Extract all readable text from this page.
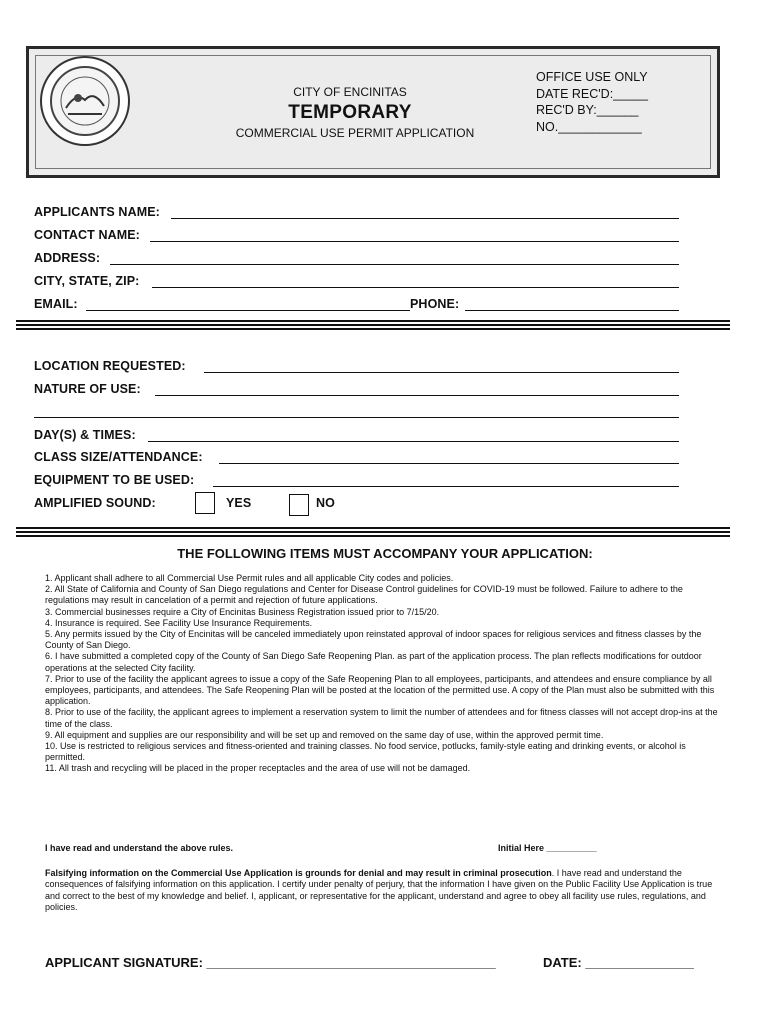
CITY OF ENCINITAS
TEMPORARY
COMMERCIAL USE PERMIT APPLICATION
OFFICE USE ONLY
DATE REC'D:_____
REC'D BY:______
NO.____________
APPLICANTS NAME:
CONTACT NAME:
ADDRESS:
CITY, STATE, ZIP:
EMAIL:	PHONE:
LOCATION REQUESTED:
NATURE OF USE:
DAY(S) & TIMES:
CLASS SIZE/ATTENDANCE:
EQUIPMENT TO BE USED:
AMPLIFIED SOUND:	YES	NO
THE FOLLOWING ITEMS MUST ACCOMPANY YOUR APPLICATION:

1. Applicant shall adhere to all Commercial Use Permit rules and all applicable City codes and policies.

2. All State of California and County of San Diego regulations and Center for Disease Control guidelines for COVID-19 must be followed. Failure to adhere to the regulations may result in cancelation of a permit and rejection of future applications.

3. Commercial businesses require a City of Encinitas Business Registration issued prior to 7/15/20.

4. Insurance is required. See Facility Use Insurance Requirements.

5. Any permits issued by the City of Encinitas will be canceled immediately upon reinstated approval of indoor spaces for religious services and fitness classes by the County of San Diego.

6. I have submitted a completed copy of the County of San Diego Safe Reopening Plan. as part of the application process. The plan reflects modifications for outdoor operations at the selected City facility.

7. Prior to use of the facility the applicant agrees to issue a copy of the Safe Reopening Plan to all employees, participants, and attendees and ensure compliance by all employees, participants, and attendees. The Safe Reopening Plan will be posted at the location of the permitted use. A copy of the Plan must also be submitted with this application.

8. Prior to use of the facility, the applicant agrees to implement a reservation system to limit the number of attendees and for fitness classes will not accept drop-ins at the time of the class.

9. All equipment and supplies are our responsibility and will be set up and removed on the same day of use, within the approved permit time.

10. Use is restricted to religious services and fitness-oriented and training classes. No food service, potlucks, family-style eating and drinking events, or alcohol is permitted.

11. All trash and recycling will be placed in the proper receptacles and the area of use will not be damaged.

I have read and understand the above rules.	Initial Here __________
Falsifying information on the Commercial Use Application is grounds for denial and may result in criminal prosecution. I have read and understand the consequences of falsifying information on this application. I certify under penalty of perjury, that the information I have given on the Public Facility Use Application is true and correct to the best of my knowledge and belief. I, applicant, or representative for the applicant, understand and agree to obey all facility use rules, regulations, and policies.
APPLICANT SIGNATURE: ________________________________________	DATE: _______________
